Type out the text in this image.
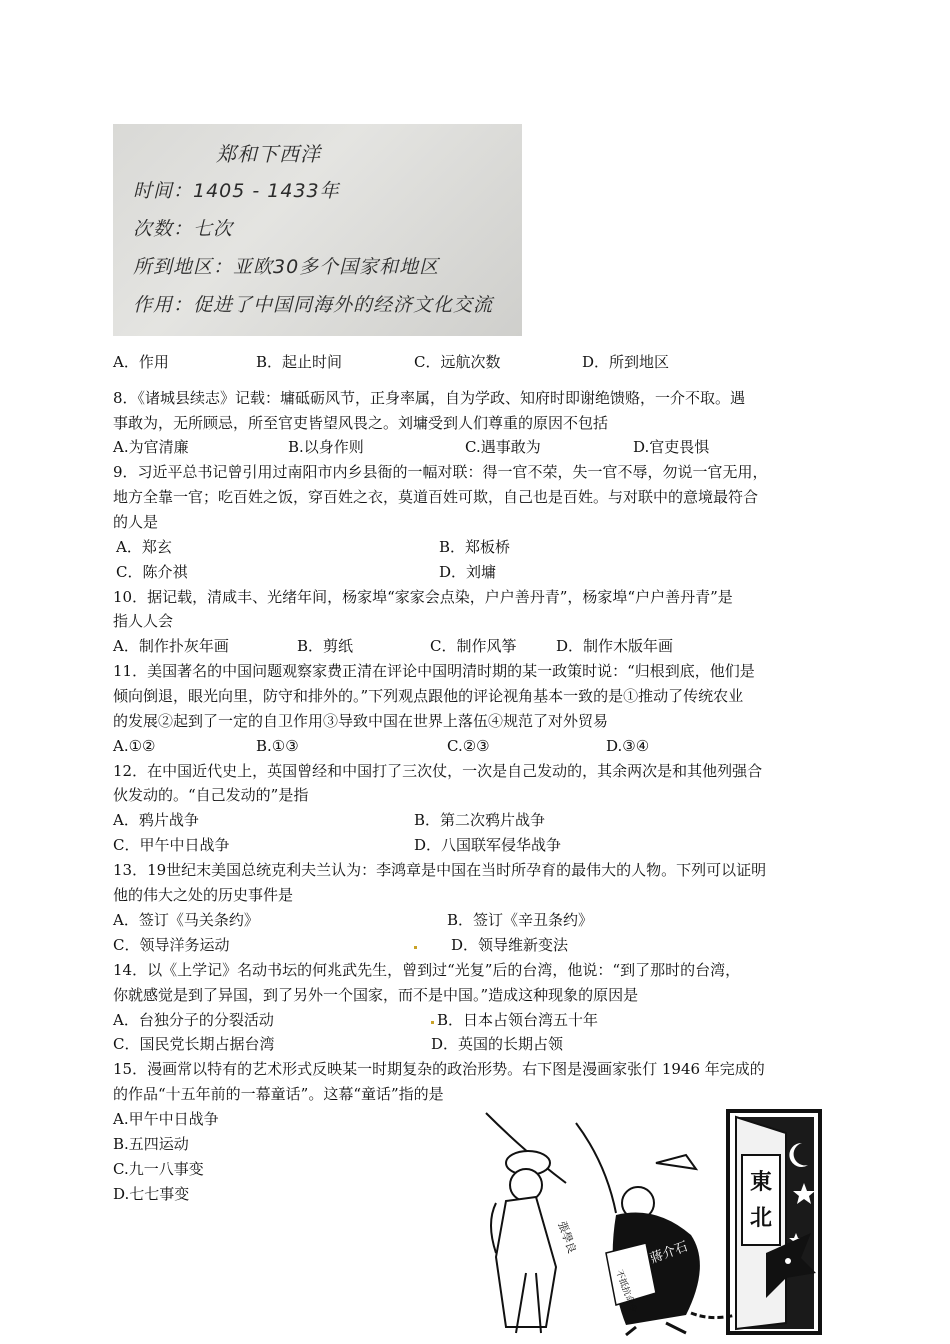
郑和下西洋
时间：1405 - 1433年
次数：七次
所到地区：亚欧30多个国家和地区
作用：促进了中国同海外的经济文化交流
A．作用	B．起止时间	C．远航次数	D．所到地区
8．《诸城县续志》记载：墉砥砺风节，正身率属，自为学政、知府时即谢绝馈赂，一介不取。遇
事敢为，无所顾忌，所至官吏皆望风畏之。刘墉受到人们尊重的原因不包括
A.为官清廉	B.以身作则	C.遇事敢为	D.官吏畏惧
9．习近平总书记曾引用过南阳市内乡县衙的一幅对联：得一官不荣，失一官不辱，勿说一官无用，
地方全靠一官；吃百姓之饭，穿百姓之衣，莫道百姓可欺，自己也是百姓。与对联中的意境最符合
的人是
A．郑玄	B．郑板桥
C．陈介祺	D．刘墉
10．据记载，清咸丰、光绪年间，杨家埠“家家会点染，户户善丹青”，杨家埠“户户善丹青”是
指人人会
A．制作扑灰年画	B．剪纸	C．制作风筝	D．制作木版年画
11．美国著名的中国问题观察家费正清在评论中国明清时期的某一政策时说：“归根到底，他们是
倾向倒退，眼光向里，防守和排外的。”下列观点跟他的评论视角基本一致的是①推动了传统农业
的发展②起到了一定的自卫作用③导致中国在世界上落伍④规范了对外贸易
A.①②	B.①③	C.②③	D.③④
12．在中国近代史上，英国曾经和中国打了三次仗，一次是自己发动的，其余两次是和其他列强合
伙发动的。“自己发动的”是指
A．鸦片战争	B．第二次鸦片战争
C．甲午中日战争	D．八国联军侵华战争
13．19世纪末美国总统克利夫兰认为：李鸿章是中国在当时所孕育的最伟大的人物。下列可以证明
他的伟大之处的历史事件是
A．签订《马关条约》	B．签订《辛丑条约》
C．领导洋务运动	D．领导维新变法
14．以《上学记》名动书坛的何兆武先生，曾到过“光复”后的台湾，他说：“到了那时的台湾，
你就感觉是到了异国，到了另外一个国家，而不是中国。”造成这种现象的原因是
A．台独分子的分裂活动	B．日本占领台湾五十年
C．国民党长期占据台湾	D．英国的长期占领
15．漫画常以特有的艺术形式反映某一时期复杂的政治形势。右下图是漫画家张仃 1946 年完成的
的作品“十五年前的一幕童话”。这幕“童话”指的是
A.甲午中日战争
B.五四运动
C.九一八事变
D.七七事变	東
北
張學良	蔣介石
不抵抗命令
